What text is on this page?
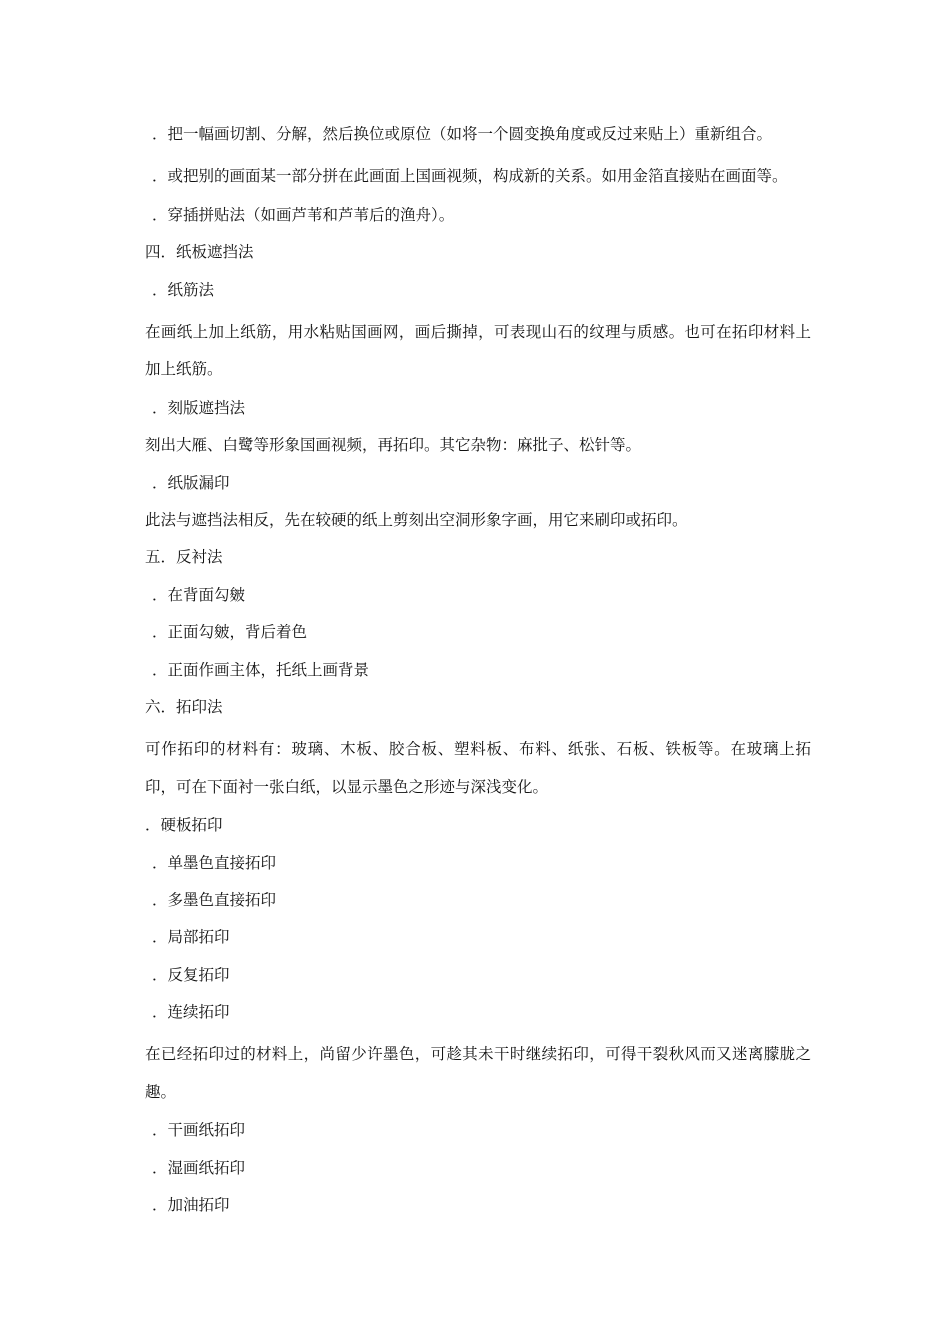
．把一幅画切割、分解，然后换位或原位（如将一个圆变换角度或反过来贴上）重新组合。
．或把别的画面某一部分拼在此画面上国画视频，构成新的关系。如用金箔直接贴在画面等。
．穿插拼贴法（如画芦苇和芦苇后的渔舟）。
四．纸板遮挡法
．纸筋法
在画纸上加上纸筋，用水粘贴国画网，画后撕掉，可表现山石的纹理与质感。也可在拓印材料上加上纸筋。
．刻版遮挡法
刻出大雁、白鹭等形象国画视频，再拓印。其它杂物：麻批子、松针等。
．纸版漏印
此法与遮挡法相反，先在较硬的纸上剪刻出空洞形象字画，用它来刷印或拓印。
五．反衬法
．在背面勾皴
．正面勾皴，背后着色
．正面作画主体，托纸上画背景
六．拓印法
可作拓印的材料有：玻璃、木板、胶合板、塑料板、布料、纸张、石板、铁板等。在玻璃上拓印，可在下面衬一张白纸，以显示墨色之形迹与深浅变化。
．硬板拓印
．单墨色直接拓印
．多墨色直接拓印
．局部拓印
．反复拓印
．连续拓印
在已经拓印过的材料上，尚留少许墨色，可趁其未干时继续拓印，可得干裂秋风而又迷离朦胧之趣。
．干画纸拓印
．湿画纸拓印
．加油拓印
